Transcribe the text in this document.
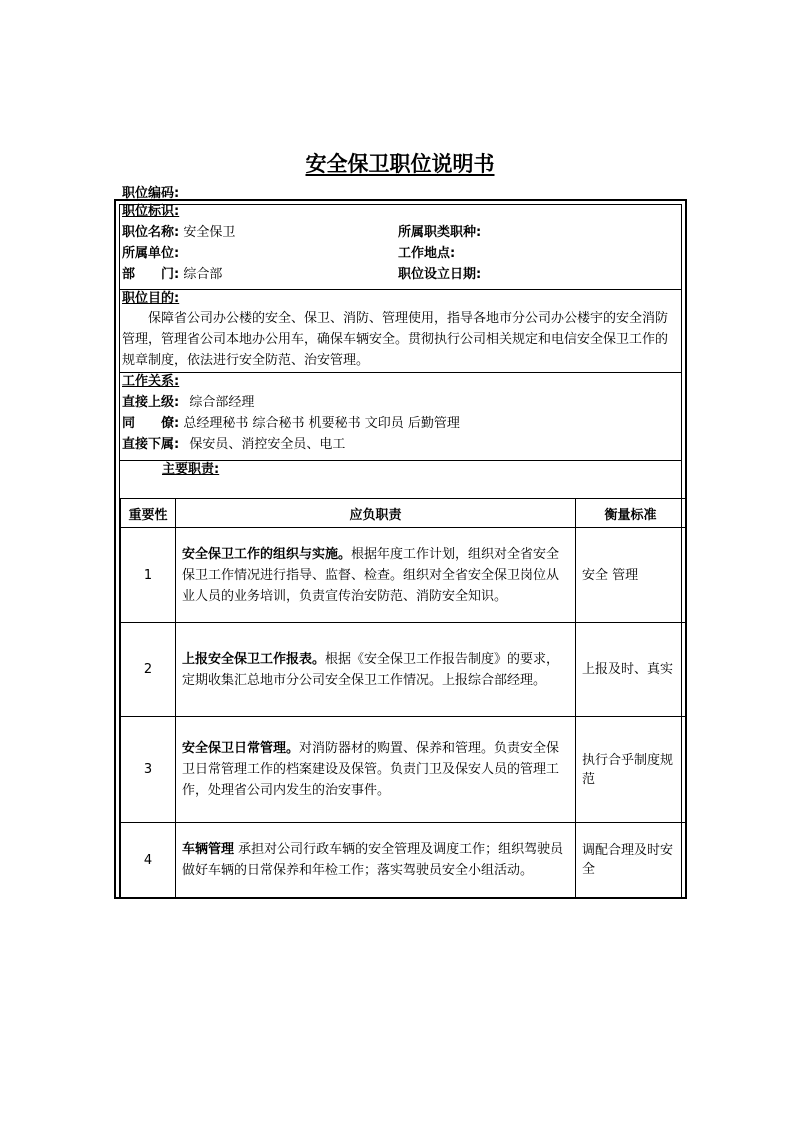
安全保卫职位说明书
职位编码:
职位标识:
职位名称: 安全保卫	所属职类职种:
所属单位:	工作地点:
部　　门: 综合部	职位设立日期:
职位目的:
保障省公司办公楼的安全、保卫、消防、管理使用，指导各地市分公司办公楼宇的安全消防管理，管理省公司本地办公用车，确保车辆安全。贯彻执行公司相关规定和电信安全保卫工作的规章制度，依法进行安全防范、治安管理。
工作关系:
直接上级: 综合部经理
同　　僚: 总经理秘书 综合秘书 机要秘书 文印员 后勤管理
直接下属: 保安员、消控安全员、电工
主要职责:
重要性	应负职责	衡量标准
1	安全保卫工作的组织与实施。根据年度工作计划，组织对全省安全保卫工作情况进行指导、监督、检查。组织对全省安全保卫岗位从业人员的业务培训，负责宣传治安防范、消防安全知识。	安全 管理
2	上报安全保卫工作报表。根据《安全保卫工作报告制度》的要求，定期收集汇总地市分公司安全保卫工作情况。上报综合部经理。	上报及时、真实
3	安全保卫日常管理。对消防器材的购置、保养和管理。负责安全保卫日常管理工作的档案建设及保管。负责门卫及保安人员的管理工作，处理省公司内发生的治安事件。	执行合乎制度规范
4	车辆管理 承担对公司行政车辆的安全管理及调度工作；组织驾驶员做好车辆的日常保养和年检工作；落实驾驶员安全小组活动。	调配合理及时安全
